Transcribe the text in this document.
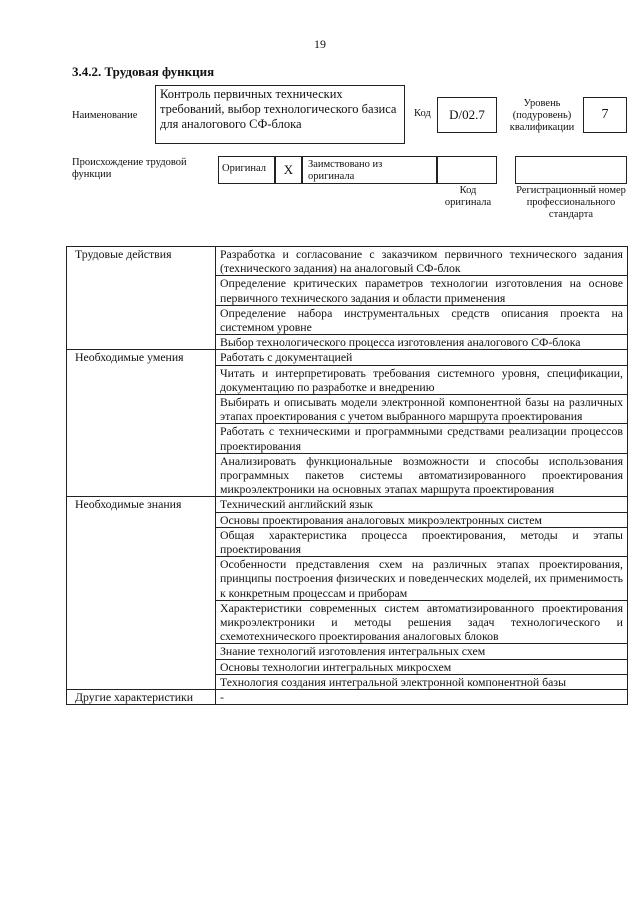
19
3.4.2. Трудовая функция
Наименование
Контроль первичных технических требований, выбор технологического базиса для аналогового СФ-блока
Код	D/02.7
Уровень (подуровень) квалификации
7
Происхождение трудовой функции
Оригинал	X	Заимствовано из оригинала
Код оригинала
Регистрационный номер профессионального стандарта
Трудовые действия	Разработка и согласование с заказчиком первичного технического задания (технического задания) на аналоговый СФ-блок
	Определение критических параметров технологии изготовления на основе первичного технического задания и области применения
	Определение набора инструментальных средств описания проекта на системном уровне
	Выбор технологического процесса изготовления аналогового СФ-блока
Необходимые умения	Работать с документацией
	Читать и интерпретировать требования системного уровня, спецификации, документацию по разработке и внедрению
	Выбирать и описывать модели электронной компонентной базы на различных этапах проектирования с учетом выбранного маршрута проектирования
	Работать с техническими и программными средствами реализации процессов проектирования
	Анализировать функциональные возможности и способы использования программных пакетов системы автоматизированного проектирования микроэлектроники на основных этапах маршрута проектирования
Необходимые знания	Технический английский язык
	Основы проектирования аналоговых микроэлектронных систем
	Общая характеристика процесса проектирования, методы и этапы проектирования
	Особенности представления схем на различных этапах проектирования, принципы построения физических и поведенческих моделей, их применимость к конкретным процессам и приборам
	Характеристики современных систем автоматизированного проектирования микроэлектроники и методы решения задач технологического и схемотехнического проектирования аналоговых блоков
	Знание технологий изготовления интегральных схем
	Основы технологии интегральных микросхем
	Технология создания интегральной электронной компонентной базы
Другие характеристики	-
